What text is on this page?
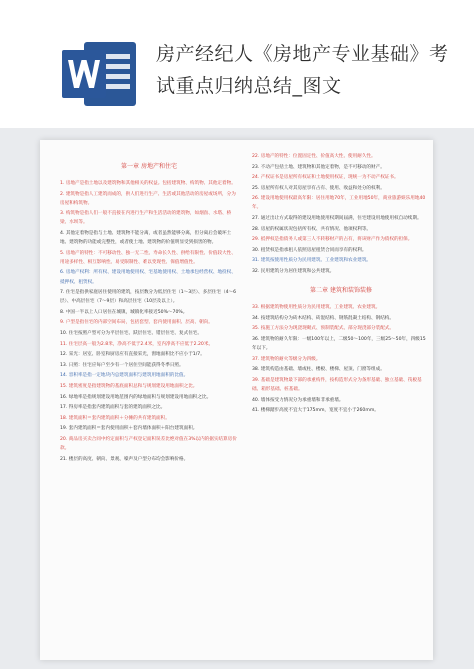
房产经纪人《房地产专业基础》考试重点归纳总结_图文
第一章 房地产和住宅
1. 房地产是指土地以及建筑物和其他相关的权益。包括建筑物、构筑物、其他定着物。
2. 建筑物是指人工建筑而成的，供人们进行生产、生活或其他活动的房屋或场所，分为房屋和构筑物。
3. 构筑物是指人们一般不直接在内进行生产和生活活动的建筑物，如烟囱、水塔、桥梁、水坝等。
4. 其他定着物是指与土地、建筑物不能分离，或者虽然能够分离，但分离后会破坏土地、建筑物的功能或完整性，或者使土地、建筑物的价值明显受到损害的物。
5. 房地产的特性：不可移动性、独一无二性、寿命长久性、供给有限性、价值较大性、用途多样性、相互影响性、易受限制性、难以变现性、保值增值性。
6. 房地产权利：所有权、建设用地使用权、宅基地使用权、土地承包经营权、地役权、抵押权、租赁权。
7. 住宅是指供家庭居住使用的建筑，按层数分为低层住宅（1～3层）、多层住宅（4～6层）、中高层住宅（7～9层）和高层住宅（10层及以上）。
8. 中国一半以上人口居住在城镇，城镇化率接近50%～70%。
9. 户型是指住宅的内部空间布局，包括套型、套内使用面积、层高、朝向。
10. 住宅按照户型可分为平层住宅、跃层住宅、错层住宅、复式住宅。
11. 住宅层高一般为2.8米，净高不低于2.4米，室内净高不应低于2.20米。
12. 采光：居室、卧室和厨房应有直接采光，窗地面积比不应小于1/7。
13. 日照：住宅应每户至少有一个居住空间能获得冬季日照。
14. 容积率是指一定地块内总建筑面积与建筑用地面积的比值。
15. 建筑密度是指建筑物的基底面积总和与规划建设用地面积之比。
16. 绿地率是指规划建设用地范围内的绿地面积与规划建设用地面积之比。
17. 得房率是指套内建筑面积与套的建筑面积之比。
18. 建筑面积＝套内建筑面积＋分摊的共有建筑面积。
19. 套内建筑面积＝套内使用面积＋套内墙体面积＋阳台建筑面积。
20. 商品房买卖合同中约定面积与产权登记面积误差比绝对值在3%以内的据实结算房价款。
21. 楼层的高度、朝向、景观、噪声及户型分布均会影响价格。
22. 房地产的特性：位置固定性、价值高大性、使用耐久性。
23. 不动产包括土地、建筑物和其他定着物，是不可移动的财产。
24. 产权证书是房屋所有权证和土地使用权证，现统一为不动产权证书。
25. 房屋所有权人对其房屋享有占有、使用、收益和处分的权利。
26. 建设用地使用权最高年限：居住用地70年，工业用地50年，商业旅游娱乐用地40年。
27. 通过出让方式取得的建设用地使用权期间届满，住宅建设用地使用权自动续期。
28. 房屋的权属状况包括所有权、共有情况、他项权利等。
29. 抵押权是指债务人或第三人不转移财产的占有，将该财产作为债权的担保。
30. 租赁权是指承租人依照房屋租赁合同而享有的权利。
31. 建筑按使用性质分为民用建筑、工业建筑和农业建筑。
32. 民用建筑分为居住建筑和公共建筑。
第二章 建筑和装饰装修
33. 根据建筑物使用性质分为民用建筑、工业建筑、农业建筑。
34. 按建筑结构分为砖木结构、砖混结构、钢筋混凝土结构、钢结构。
35. 按施工方法分为现浇现砌式、预制装配式、部分现浇部分装配式。
36. 建筑物的耐久年限：一级100年以上，二级50～100年，三级25～50年，四级15年以下。
37. 建筑物的耐火等级分为四级。
38. 建筑构造由基础、墙或柱、楼板、楼梯、屋顶、门窗等组成。
39. 基础是建筑物最下部的承重构件，按构造形式分为条形基础、独立基础、筏板基础、箱形基础、桩基础。
40. 墙体按受力情况分为承重墙和非承重墙。
41. 楼梯踏步高度不宜大于175mm，宽度不宜小于260mm。
